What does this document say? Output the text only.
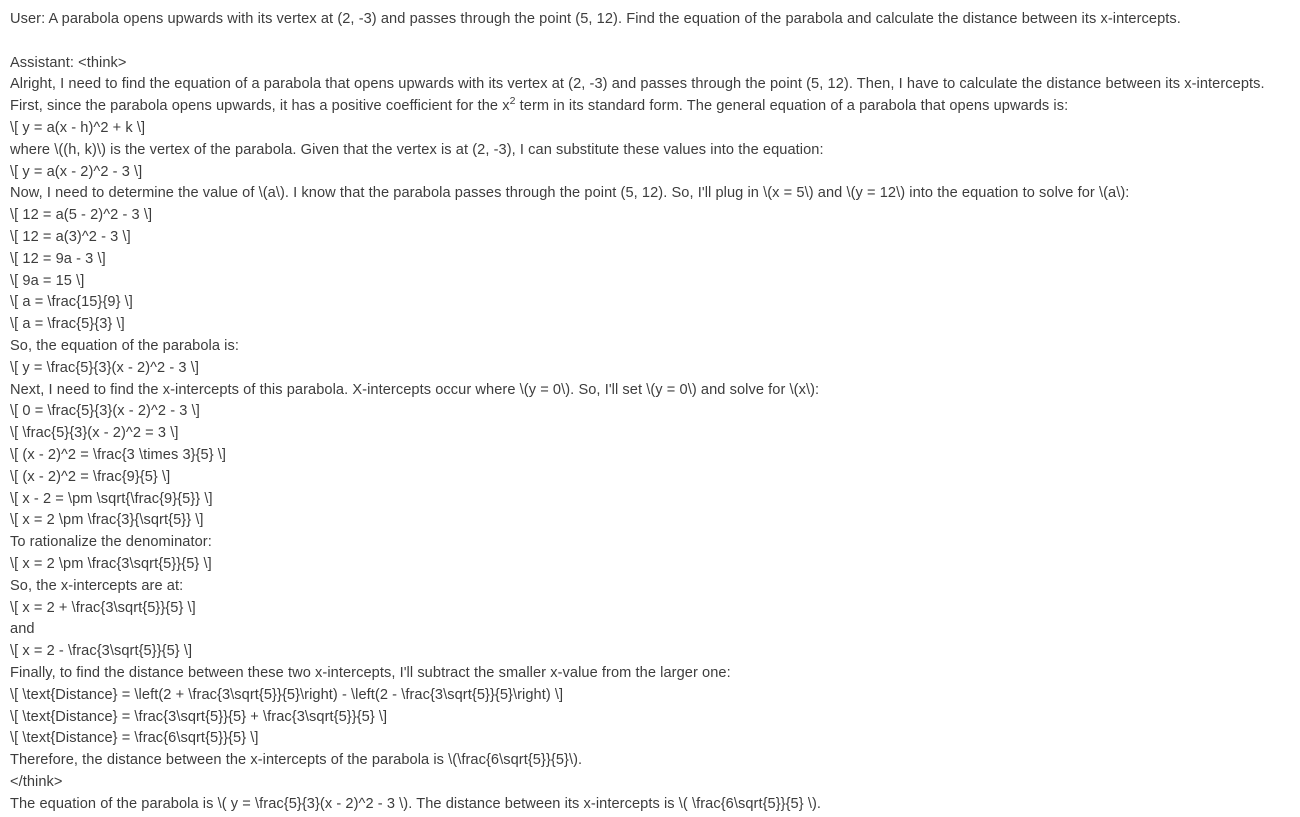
User: A parabola opens upwards with its vertex at (2, -3) and passes through the point (5, 12). Find the equation of the parabola and calculate the distance between its x-intercepts.
Assistant: <think>
Alright, I need to find the equation of a parabola that opens upwards with its vertex at (2, -3) and passes through the point (5, 12). Then, I have to calculate the distance between its x-intercepts.
First, since the parabola opens upwards, it has a positive coefficient for the $x^2$ term in its standard form. The general equation of a parabola that opens upwards is:
\[ y = a(x - h)^2 + k \]
where \((h, k)\) is the vertex of the parabola. Given that the vertex is at (2, -3), I can substitute these values into the equation:
\[ y = a(x - 2)^2 - 3 \]
Now, I need to determine the value of \(a\). I know that the parabola passes through the point (5, 12). So, I'll plug in \(x = 5\) and \(y = 12\) into the equation to solve for \(a\):
\[ 12 = a(5 - 2)^2 - 3 \]
\[ 12 = a(3)^2 - 3 \]
\[ 12 = 9a - 3 \]
\[ 9a = 15 \]
\[ a = \frac{15}{9} \]
\[ a = \frac{5}{3} \]
So, the equation of the parabola is:
\[ y = \frac{5}{3}(x - 2)^2 - 3 \]
Next, I need to find the x-intercepts of this parabola. X-intercepts occur where \(y = 0\). So, I'll set \(y = 0\) and solve for \(x\):
\[ 0 = \frac{5}{3}(x - 2)^2 - 3 \]
\[ \frac{5}{3}(x - 2)^2 = 3 \]
\[ (x - 2)^2 = \frac{3 \times 3}{5} \]
\[ (x - 2)^2 = \frac{9}{5} \]
\[ x - 2 = \pm \sqrt{\frac{9}{5}} \]
\[ x = 2 \pm \frac{3}{\sqrt{5}} \]
To rationalize the denominator:
\[ x = 2 \pm \frac{3\sqrt{5}}{5} \]
So, the x-intercepts are at:
\[ x = 2 + \frac{3\sqrt{5}}{5} \]
and
\[ x = 2 - \frac{3\sqrt{5}}{5} \]
Finally, to find the distance between these two x-intercepts, I'll subtract the smaller x-value from the larger one:
\[ \text{Distance} = \left(2 + \frac{3\sqrt{5}}{5}\right) - \left(2 - \frac{3\sqrt{5}}{5}\right) \]
\[ \text{Distance} = \frac{3\sqrt{5}}{5} + \frac{3\sqrt{5}}{5} \]
\[ \text{Distance} = \frac{6\sqrt{5}}{5} \]
Therefore, the distance between the x-intercepts of the parabola is \(\frac{6\sqrt{5}}{5}\).
</think>
The equation of the parabola is \( y = \frac{5}{3}(x - 2)^2 - 3 \). The distance between its x-intercepts is \( \frac{6\sqrt{5}}{5} \).
